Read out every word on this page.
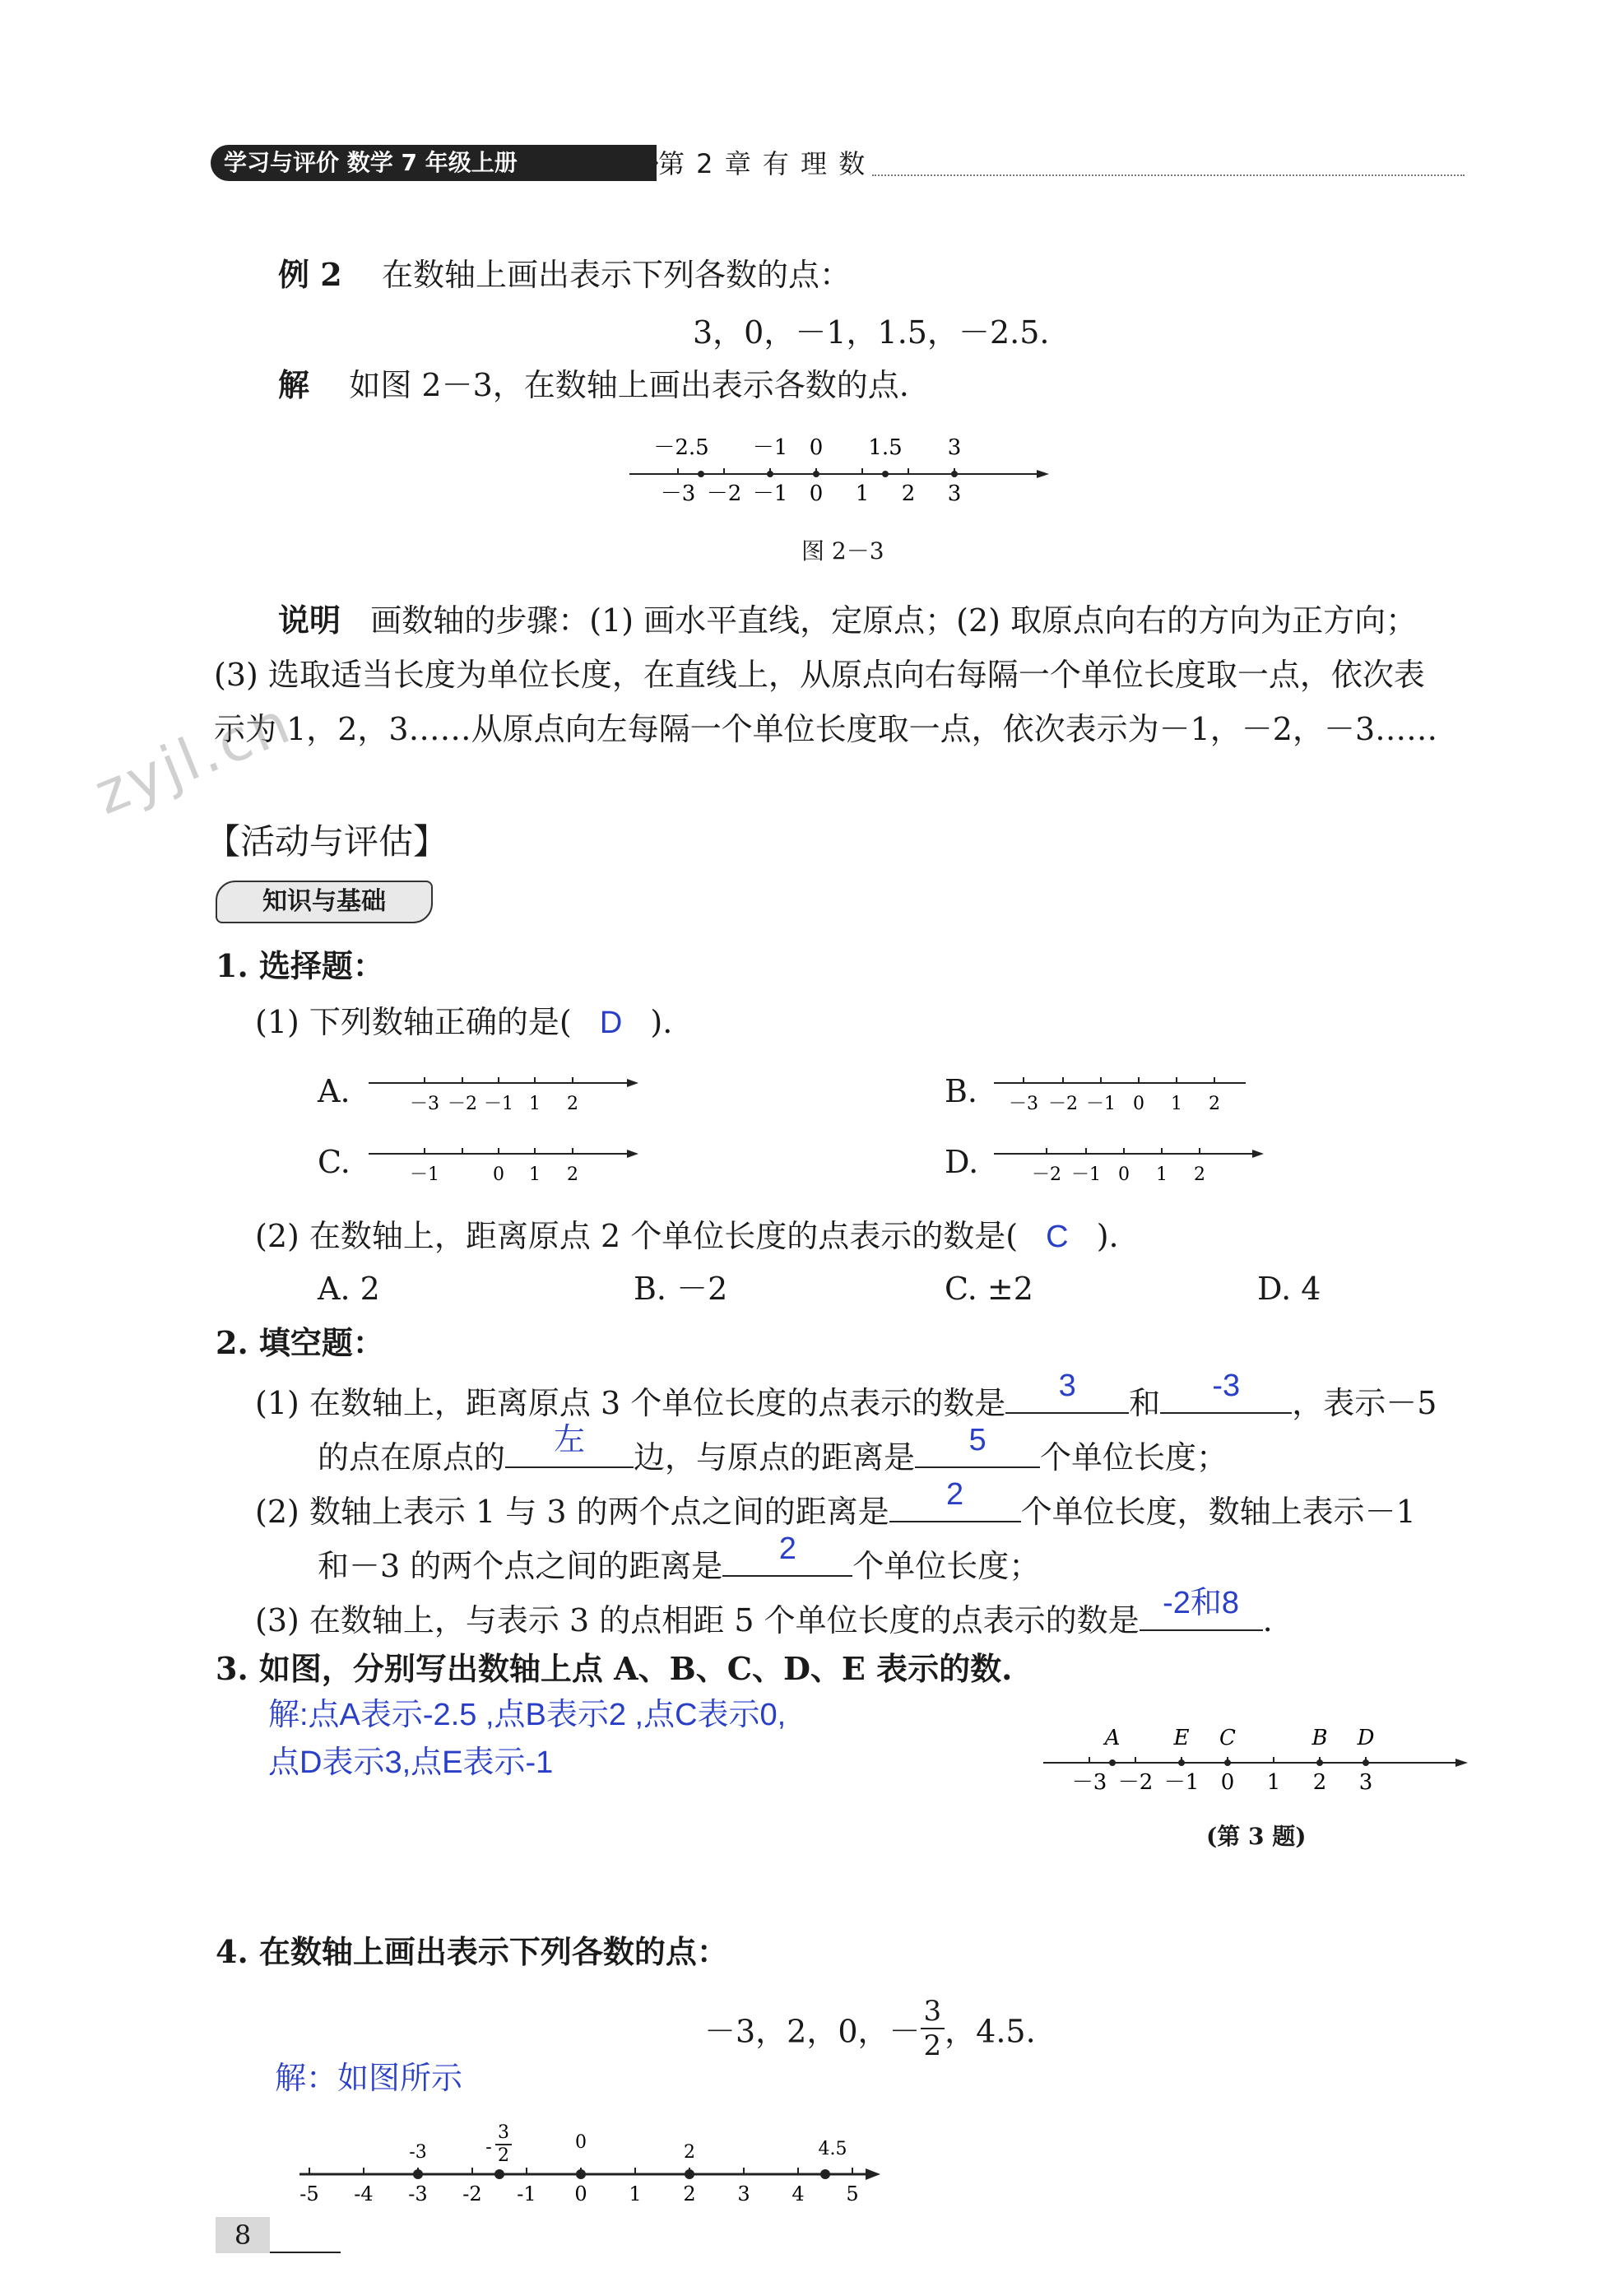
学习与评价 数学 7 年级上册	第 2 章 有 理 数
例 2 在数轴上画出表示下列各数的点：
3，0，－1，1.5，－2.5.
解 如图 2－3，在数轴上画出表示各数的点.
－2.5 －1 0 1.5 3
－3 －2 －1 0 1 2 3
图 2－3
说明 画数轴的步骤：(1) 画水平直线，定原点；(2) 取原点向右的方向为正方向；
(3) 选取适当长度为单位长度，在直线上，从原点向右每隔一个单位长度取一点，依次表
示为 1，2，3……从原点向左每隔一个单位长度取一点，依次表示为－1，－2，－3……
zyjl.cn
【活动与评估】
知识与基础
1. 选择题：
(1) 下列数轴正确的是( D ).
A.	－3 －2 －1 1 2	B. －3 －2 －1 0 1 2
C.	－1	0 1 2	D.	－2 －1 0 1 2
(2) 在数轴上，距离原点 2 个单位长度的点表示的数是( C ).
A. 2	B. －2	C. ±2	D. 4
2. 填空题：
(1) 在数轴上，距离原点 3 个单位长度的点表示的数是	3	和	-3	，表示－5
的点在原点的	左	边，与原点的距离是	5	个单位长度；
(2) 数轴上表示 1 与 3 的两个点之间的距离是	2	个单位长度，数轴上表示－1
和－3 的两个点之间的距离是	2	个单位长度；
(3) 在数轴上，与表示 3 的点相距 5 个单位长度的点表示的数是 -2和8 .
3. 如图，分别写出数轴上点 A、B、C、D、E 表示的数.
解:点A表示-2.5 ,点B表示2 ,点C表示0,
点D表示3,点E表示-1
A	E C	B D
－3 －2 －1 0 1 2 3
(第 3 题)
4. 在数轴上画出表示下列各数的点：
－3，2，0，－ $\frac{3}{2}$ ，4.5.
解：如图所示
-3	-
3
2
0	2	4.5
-5 -4 -3 -2 -1 0 1 2 3 4 5
8
